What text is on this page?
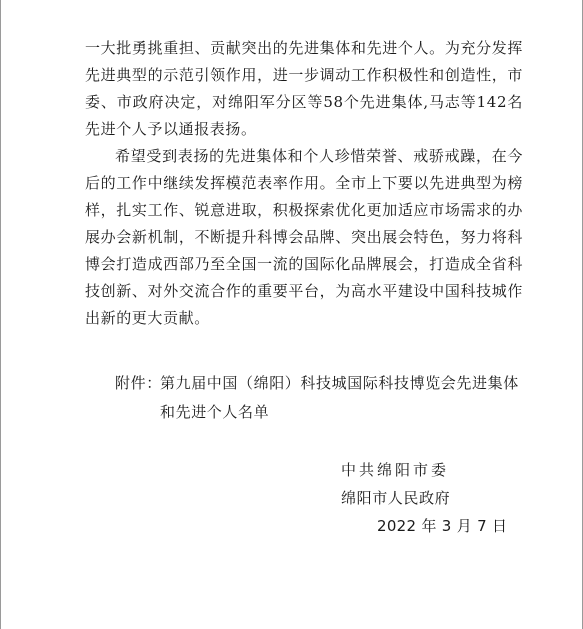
一大批勇挑重担、贡献突出的先进集体和先进个人。为充分发挥先进典型的示范引领作用，进一步调动工作积极性和创造性，市委、市政府决定，对绵阳军分区等58个先进集体,马志等142名先进个人予以通报表扬。

希望受到表扬的先进集体和个人珍惜荣誉、戒骄戒躁，在今后的工作中继续发挥模范表率作用。全市上下要以先进典型为榜样，扎实工作、锐意进取，积极探索优化更加适应市场需求的办展办会新机制，不断提升科博会品牌、突出展会特色，努力将科博会打造成西部乃至全国一流的国际化品牌展会，打造成全省科技创新、对外交流合作的重要平台，为高水平建设中国科技城作出新的更大贡献。

附件：
第九届中国（绵阳）科技城国际科技博览会先进集体和先进个人名单
中共绵阳市委
绵阳市人民政府
2022 年 3 月 7 日
